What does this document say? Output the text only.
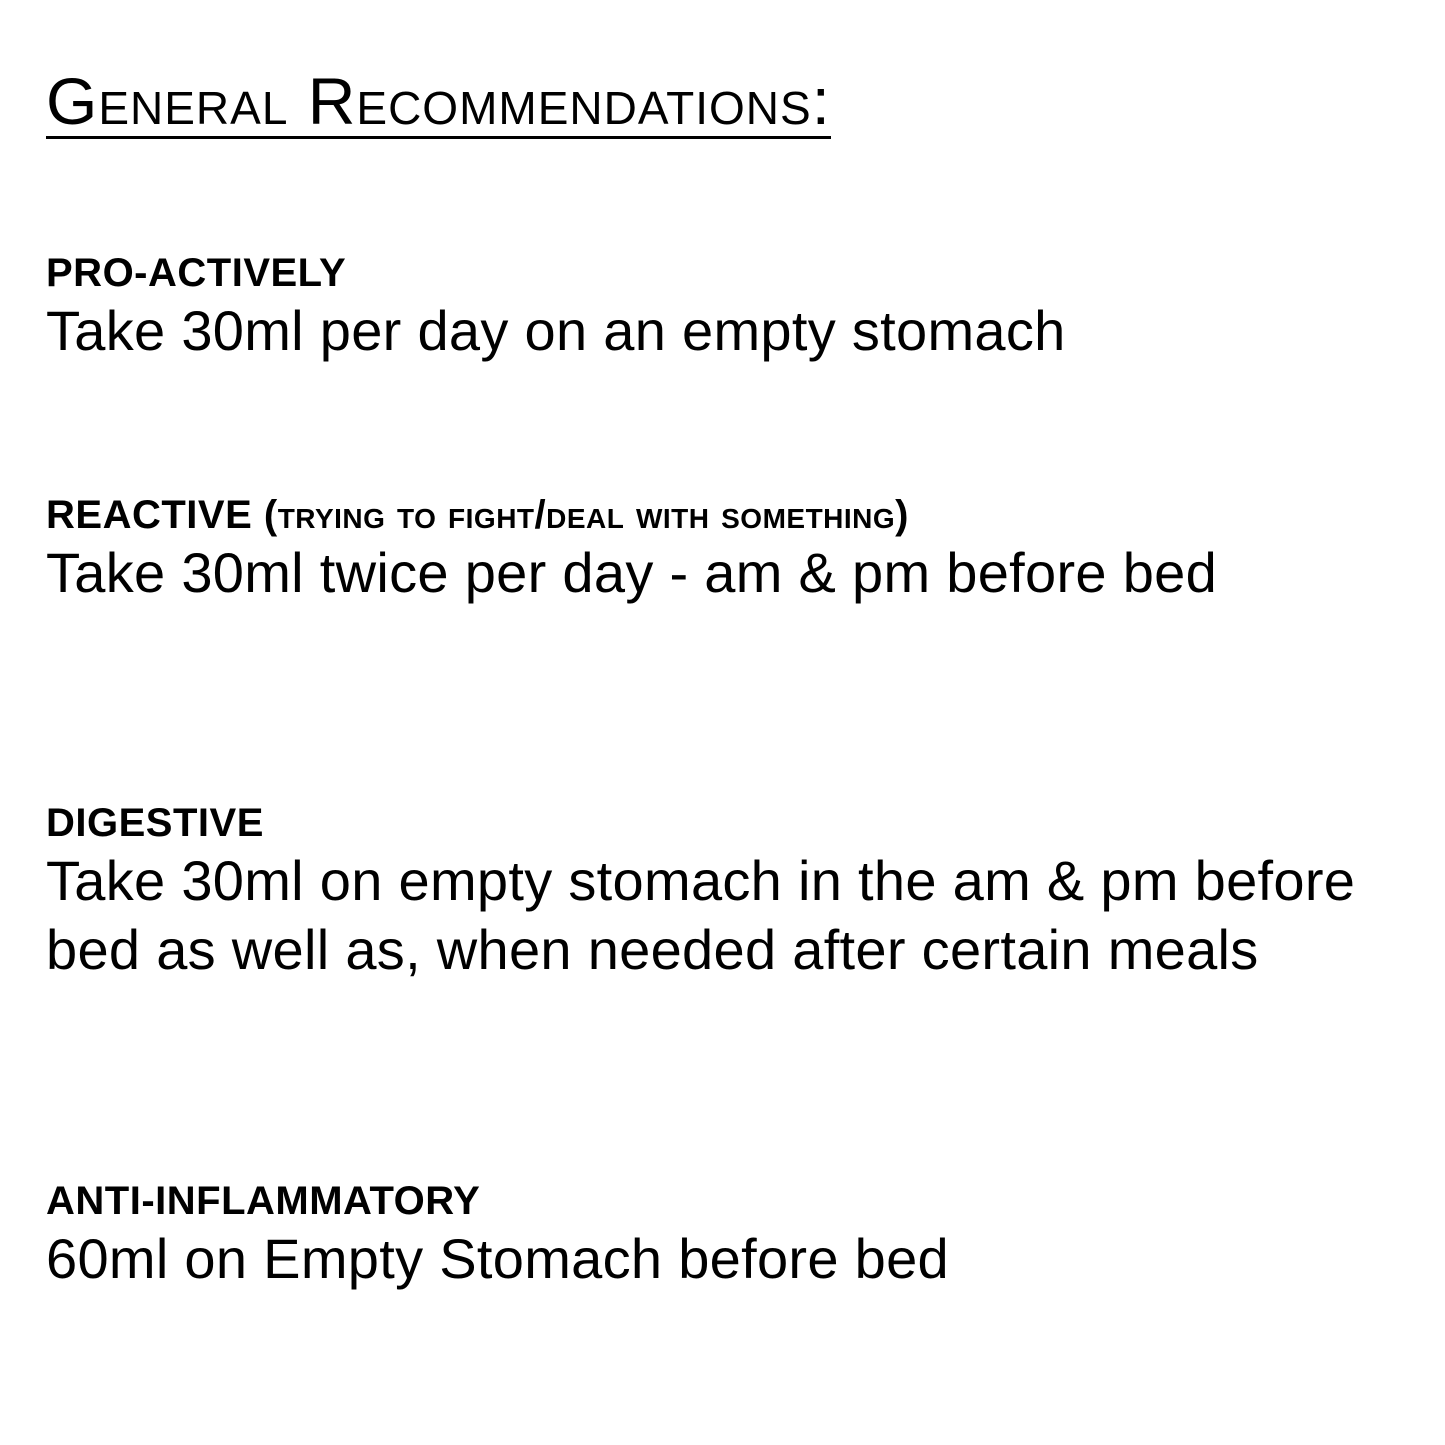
General Recommendations:

PRO-ACTIVELY

Take 30ml per day on an empty stomach

REACTIVE (trying to fight/deal with something)

Take 30ml twice per day - am & pm before bed

DIGESTIVE

Take 30ml on empty stomach in the am & pm before bed as well as, when needed after certain meals

ANTI-INFLAMMATORY

60ml on Empty Stomach before bed
